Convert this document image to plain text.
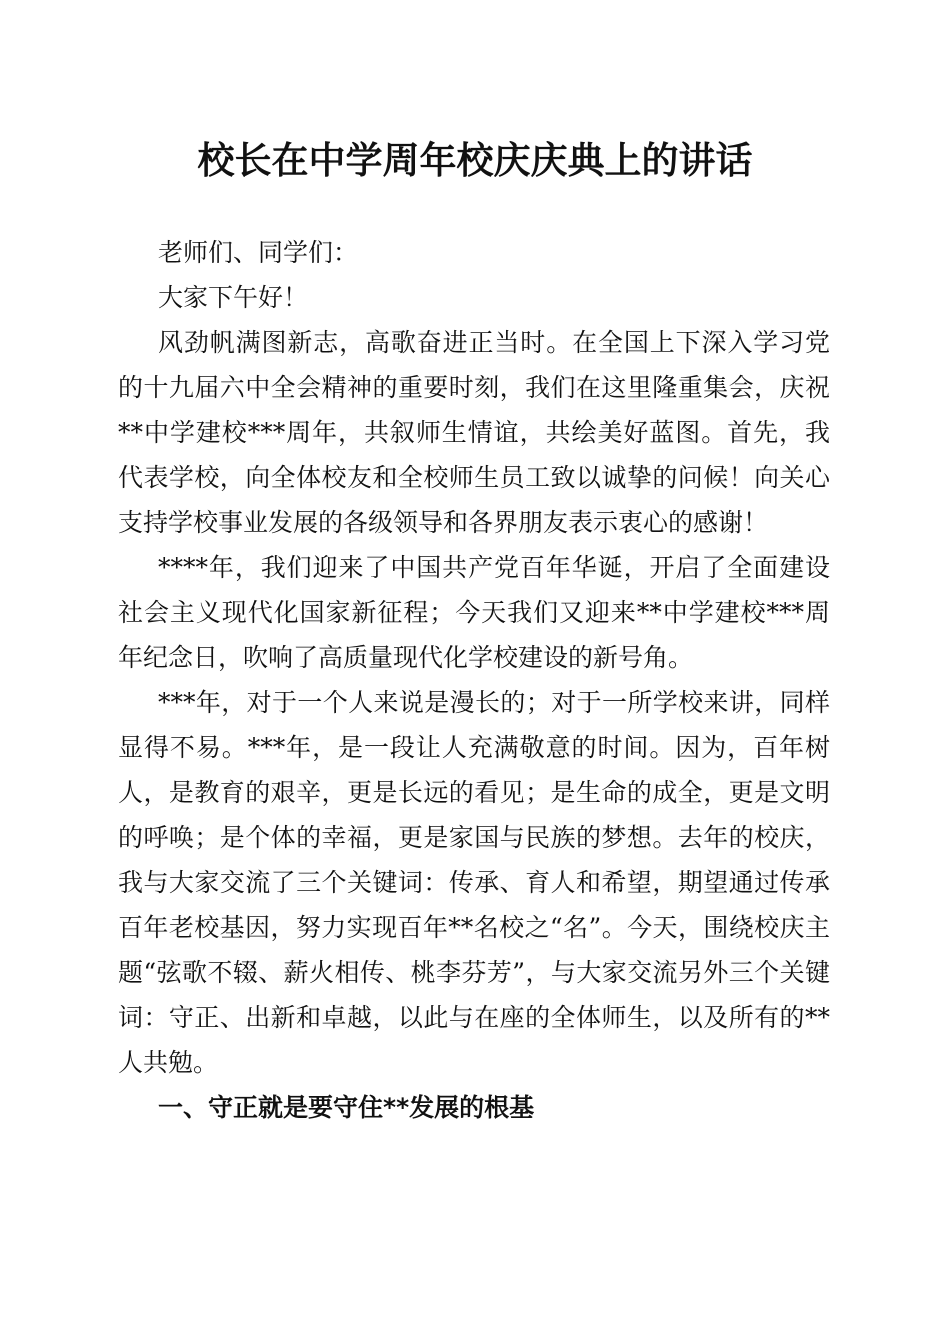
校长在中学周年校庆庆典上的讲话

老师们、同学们：

大家下午好！

风劲帆满图新志，高歌奋进正当时。在全国上下深入学习党的十九届六中全会精神的重要时刻，我们在这里隆重集会，庆祝**中学建校***周年，共叙师生情谊，共绘美好蓝图。首先，我代表学校，向全体校友和全校师生员工致以诚挚的问候！向关心支持学校事业发展的各级领导和各界朋友表示衷心的感谢！

****年，我们迎来了中国共产党百年华诞，开启了全面建设社会主义现代化国家新征程；今天我们又迎来**中学建校***周年纪念日，吹响了高质量现代化学校建设的新号角。

***年，对于一个人来说是漫长的；对于一所学校来讲，同样显得不易。***年，是一段让人充满敬意的时间。因为，百年树人，是教育的艰辛，更是长远的看见；是生命的成全，更是文明的呼唤；是个体的幸福，更是家国与民族的梦想。去年的校庆，我与大家交流了三个关键词：传承、育人和希望，期望通过传承百年老校基因，努力实现百年**名校之“名”。今天，围绕校庆主题“弦歌不辍、薪火相传、桃李芬芳”，与大家交流另外三个关键词：守正、出新和卓越，以此与在座的全体师生，以及所有的**人共勉。

一、守正就是要守住**发展的根基
